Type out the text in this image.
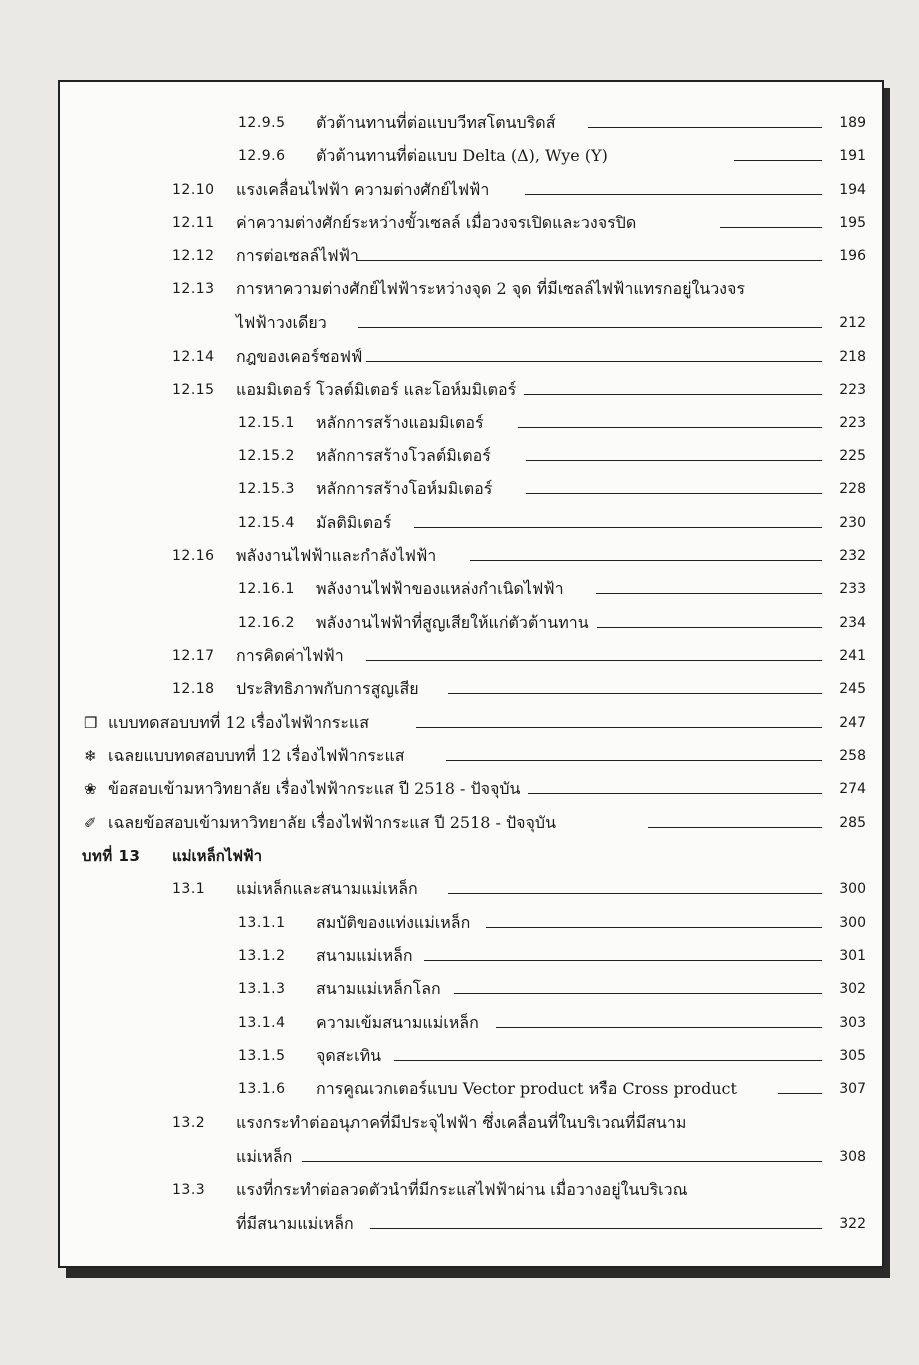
12.9.5 ตัวต้านทานที่ต่อแบบวีทสโตนบริดส์	189
12.9.6 ตัวต้านทานที่ต่อแบบ Delta (Δ), Wye (Y)	191
12.10 แรงเคลื่อนไฟฟ้า ความต่างศักย์ไฟฟ้า	194
12.11 ค่าความต่างศักย์ระหว่างขั้วเซลล์ เมื่อวงจรเปิดและวงจรปิด	195
12.12 การต่อเซลล์ไฟฟ้า	196
12.13 การหาความต่างศักย์ไฟฟ้าระหว่างจุด 2 จุด ที่มีเซลล์ไฟฟ้าแทรกอยู่ในวงจร
ไฟฟ้าวงเดียว	212
12.14 กฎของเคอร์ชอฟฟ์	218
12.15 แอมมิเตอร์ โวลต์มิเตอร์ และโอห์มมิเตอร์	223
12.15.1 หลักการสร้างแอมมิเตอร์	223
12.15.2 หลักการสร้างโวลต์มิเตอร์	225
12.15.3 หลักการสร้างโอห์มมิเตอร์	228
12.15.4 มัลติมิเตอร์	230
12.16 พลังงานไฟฟ้าและกำลังไฟฟ้า	232
12.16.1 พลังงานไฟฟ้าของแหล่งกำเนิดไฟฟ้า	233
12.16.2 พลังงานไฟฟ้าที่สูญเสียให้แก่ตัวต้านทาน	234
12.17 การคิดค่าไฟฟ้า	241
12.18 ประสิทธิภาพกับการสูญเสีย	245
❒ แบบทดสอบบทที่ 12 เรื่องไฟฟ้ากระแส	247
❄ เฉลยแบบทดสอบบทที่ 12 เรื่องไฟฟ้ากระแส	258
❀ ข้อสอบเข้ามหาวิทยาลัย เรื่องไฟฟ้ากระแส ปี 2518 - ปัจจุบัน	274
✐ เฉลยข้อสอบเข้ามหาวิทยาลัย เรื่องไฟฟ้ากระแส ปี 2518 - ปัจจุบัน	285
บทที่ 13 แม่เหล็กไฟฟ้า
13.1 แม่เหล็กและสนามแม่เหล็ก	300
13.1.1 สมบัติของแท่งแม่เหล็ก	300
13.1.2 สนามแม่เหล็ก	301
13.1.3 สนามแม่เหล็กโลก	302
13.1.4 ความเข้มสนามแม่เหล็ก	303
13.1.5 จุดสะเทิน	305
13.1.6 การคูณเวกเตอร์แบบ Vector product หรือ Cross product	307
13.2 แรงกระทำต่ออนุภาคที่มีประจุไฟฟ้า ซึ่งเคลื่อนที่ในบริเวณที่มีสนาม
แม่เหล็ก	308
13.3 แรงที่กระทำต่อลวดตัวนำที่มีกระแสไฟฟ้าผ่าน เมื่อวางอยู่ในบริเวณ
ที่มีสนามแม่เหล็ก	322
